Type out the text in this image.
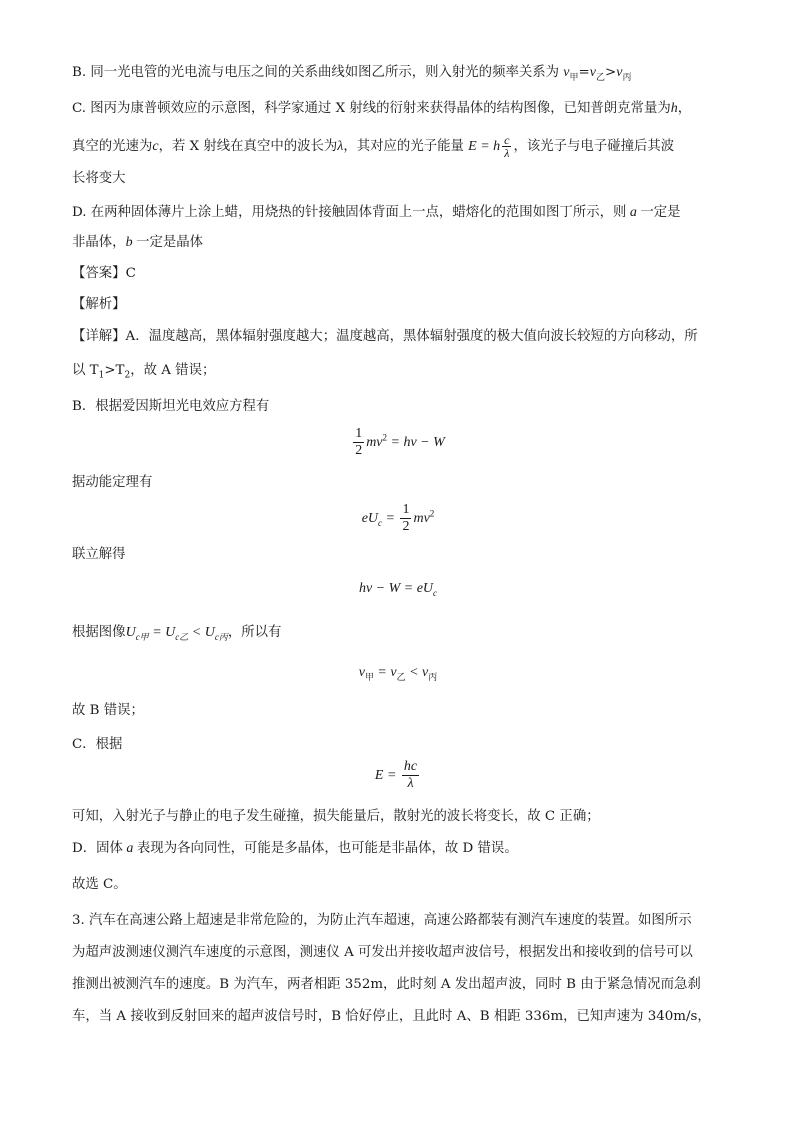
B. 同一光电管的光电流与电压之间的关系曲线如图乙所示，则入射光的频率关系为 $\nu_甲=\nu_乙>\nu_丙$
C. 图丙为康普顿效应的示意图，科学家通过 X 射线的衍射来获得晶体的结构图像，已知普朗克常量为h，
真空的光速为c，若 X 射线在真空中的波长为λ，其对应的光子能量 E = h $\frac{c}{\lambda}$ ，该光子与电子碰撞后其波
长将变大
D. 在两种固体薄片上涂上蜡，用烧热的针接触固体背面上一点，蜡熔化的范围如图丁所示，则 a 一定是
非晶体，b 一定是晶体
【答案】C
【解析】
【详解】A．温度越高，黑体辐射强度越大；温度越高，黑体辐射强度的极大值向波长较短的方向移动，所
以 $T_1>T_2$，故 A 错误；
B．根据爱因斯坦光电效应方程有
$\frac{1}{2} mv^2 = h\nu - W$
据动能定理有
$eU_c = \frac{1}{2} mv^2$
联立解得
$h\nu - W = eU_c$
根据图像$U_{c甲} = U_{c乙} < U_{c丙}$，所以有
$\nu_甲 = \nu_乙 < \nu_丙$
故 B 错误；
C．根据
$E = \frac{hc}{\lambda}$
可知，入射光子与静止的电子发生碰撞，损失能量后，散射光的波长将变长，故 C 正确；
D．固体 a 表现为各向同性，可能是多晶体，也可能是非晶体，故 D 错误。
故选 C。
3. 汽车在高速公路上超速是非常危险的，为防止汽车超速，高速公路都装有测汽车速度的装置。如图所示
为超声波测速仪测汽车速度的示意图，测速仪 A 可发出并接收超声波信号，根据发出和接收到的信号可以
推测出被测汽车的速度。B 为汽车，两者相距 352m，此时刻 A 发出超声波，同时 B 由于紧急情况而急刹
车，当 A 接收到反射回来的超声波信号时，B 恰好停止，且此时 A、B 相距 336m，已知声速为 340m/s，
